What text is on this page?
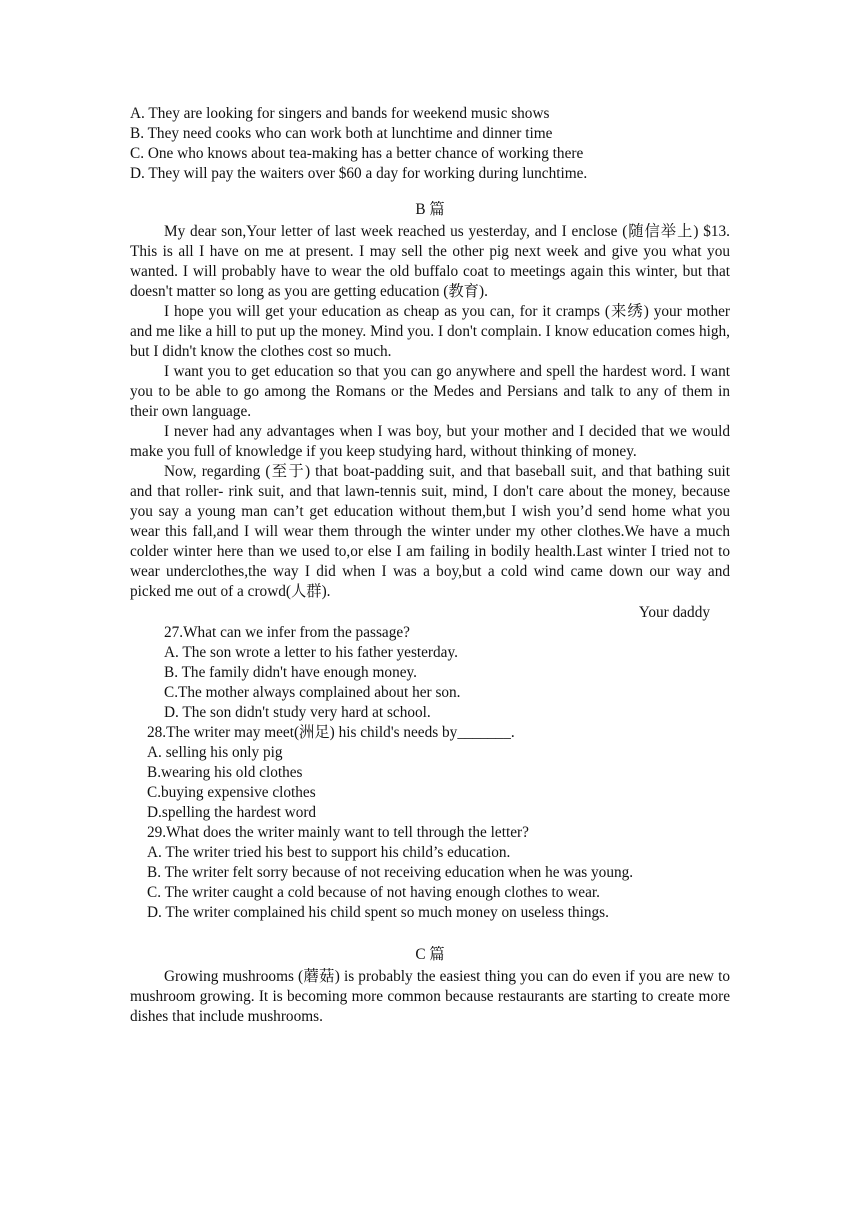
A. They are looking for singers and bands for weekend music shows
B. They need cooks who can work both at lunchtime and dinner time
C. One who knows about tea-making has a better chance of working there
D. They will pay the waiters over $60 a day for working during lunchtime.
B 篇

My dear son,Your letter of last week reached us yesterday, and I enclose (随信举上) $13. This is all I have on me at present. I may sell the other pig next week and give you what you wanted. I will probably have to wear the old buffalo coat to meetings again this winter, but that doesn't matter so long as you are getting education (教育).

I hope you will get your education as cheap as you can, for it cramps (来绣) your mother and me like a hill to put up the money. Mind you. I don't complain. I know education comes high, but I didn't know the clothes cost so much.

I want you to get education so that you can go anywhere and spell the hardest word. I want you to be able to go among the Romans or the Medes and Persians and talk to any of them in their own language.

I never had any advantages when I was boy, but your mother and I decided that we would make you full of knowledge if you keep studying hard, without thinking of money.

Now, regarding (至于) that boat-padding suit, and that baseball suit, and that bathing suit and that roller- rink suit, and that lawn-tennis suit, mind, I don't care about the money, because you say a young man can’t get education without them,but I wish you’d send home what you wear this fall,and I will wear them through the winter under my other clothes.We have a much colder winter here than we used to,or else I am failing in bodily health.Last winter I tried not to wear underclothes,the way I did when I was a boy,but a cold wind came down our way and picked me out of a crowd(人群).

Your daddy
27.What can we infer from the passage?
A. The son wrote a letter to his father yesterday.
B. The family didn't have enough money.
C.The mother always complained about her son.
D. The son didn't study very hard at school.
28.The writer may meet(洲足) his child's needs by_______.
A. selling his only pig
B.wearing his old clothes
C.buying expensive clothes
D.spelling the hardest word
29.What does the writer mainly want to tell through the letter?
A. The writer tried his best to support his child’s education.
B. The writer felt sorry because of not receiving education when he was young.
C. The writer caught a cold because of not having enough clothes to wear.
D. The writer complained his child spent so much money on useless things.
C 篇

Growing mushrooms (蘑菇) is probably the easiest thing you can do even if you are new to mushroom growing. It is becoming more common because restaurants are starting to create more dishes that include mushrooms.
